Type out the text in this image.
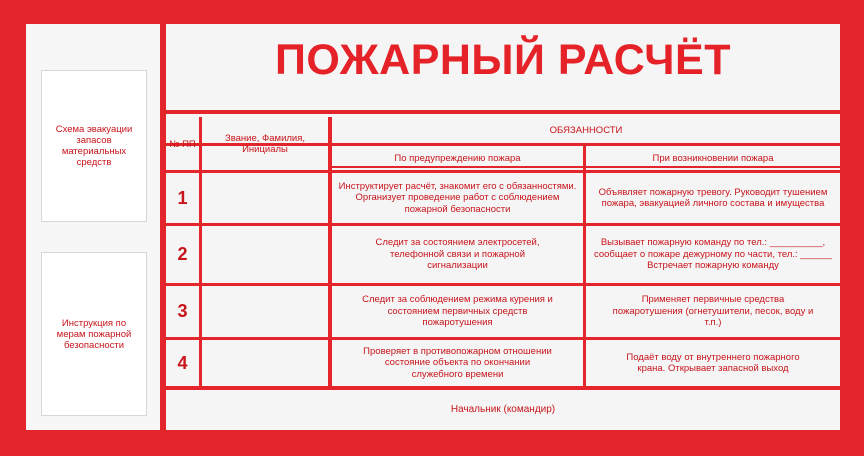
Схема эвакуации запасов материальных средств
Инструкция по мерам пожарной безопасности
ПОЖАРНЫЙ РАСЧЁТ
№ ПП	Звание, Фамилия, Инициалы
ОБЯЗАННОСТИ
По предупреждению пожара	При возникновении пожара
1
Инструктирует расчёт, знакомит его с обязанностями. Организует проведение работ с соблюдением пожарной безопасности
Объявляет пожарную тревогу. Руководит тушением пожара, эвакуацией личного состава и имущества
2
Следит за состоянием электросетей, телефонной связи и пожарной сигнализации
Вызывает пожарную команду по тел.: __________, сообщает о пожаре дежурному по части, тел.: ______ Встречает пожарную команду
3
Следит за соблюдением режима курения и состоянием первичных средств пожаротушения
Применяет первичные средства пожаротушения (огнетушители, песок, воду и т.п.)
4
Проверяет в противопожарном отношении состояние объекта по окончании служебного времени
Подаёт воду от внутреннего пожарного крана. Открывает запасной выход
Начальник (командир)
